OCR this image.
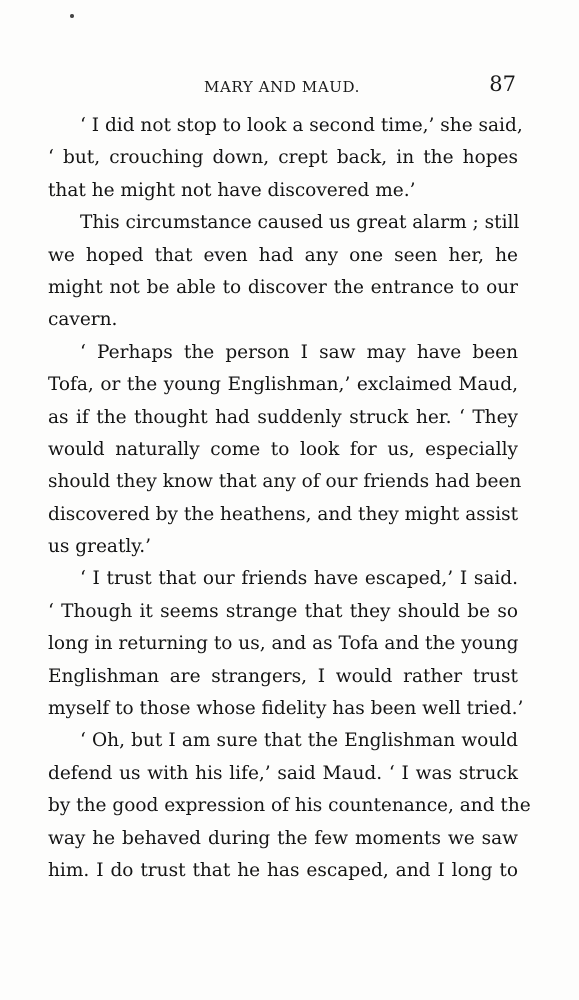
MARY AND MAUD.	87
‘ I did not stop to look a second time,’ she said,
‘ but, crouching down, crept back, in the hopes
that he might not have discovered me.’
This circumstance caused us great alarm ; still
we hoped that even had any one seen her, he
might not be able to discover the entrance to our
cavern.
‘ Perhaps the person I saw may have been
Tofa, or the young Englishman,’ exclaimed Maud,
as if the thought had suddenly struck her. ‘ They
would naturally come to look for us, especially
should they know that any of our friends had been
discovered by the heathens, and they might assist
us greatly.’
‘ I trust that our friends have escaped,’ I said.
‘ Though it seems strange that they should be so
long in returning to us, and as Tofa and the young
Englishman are strangers, I would rather trust
myself to those whose fidelity has been well tried.’
‘ Oh, but I am sure that the Englishman would
defend us with his life,’ said Maud. ‘ I was struck
by the good expression of his countenance, and the
way he behaved during the few moments we saw
him. I do trust that he has escaped, and I long to
